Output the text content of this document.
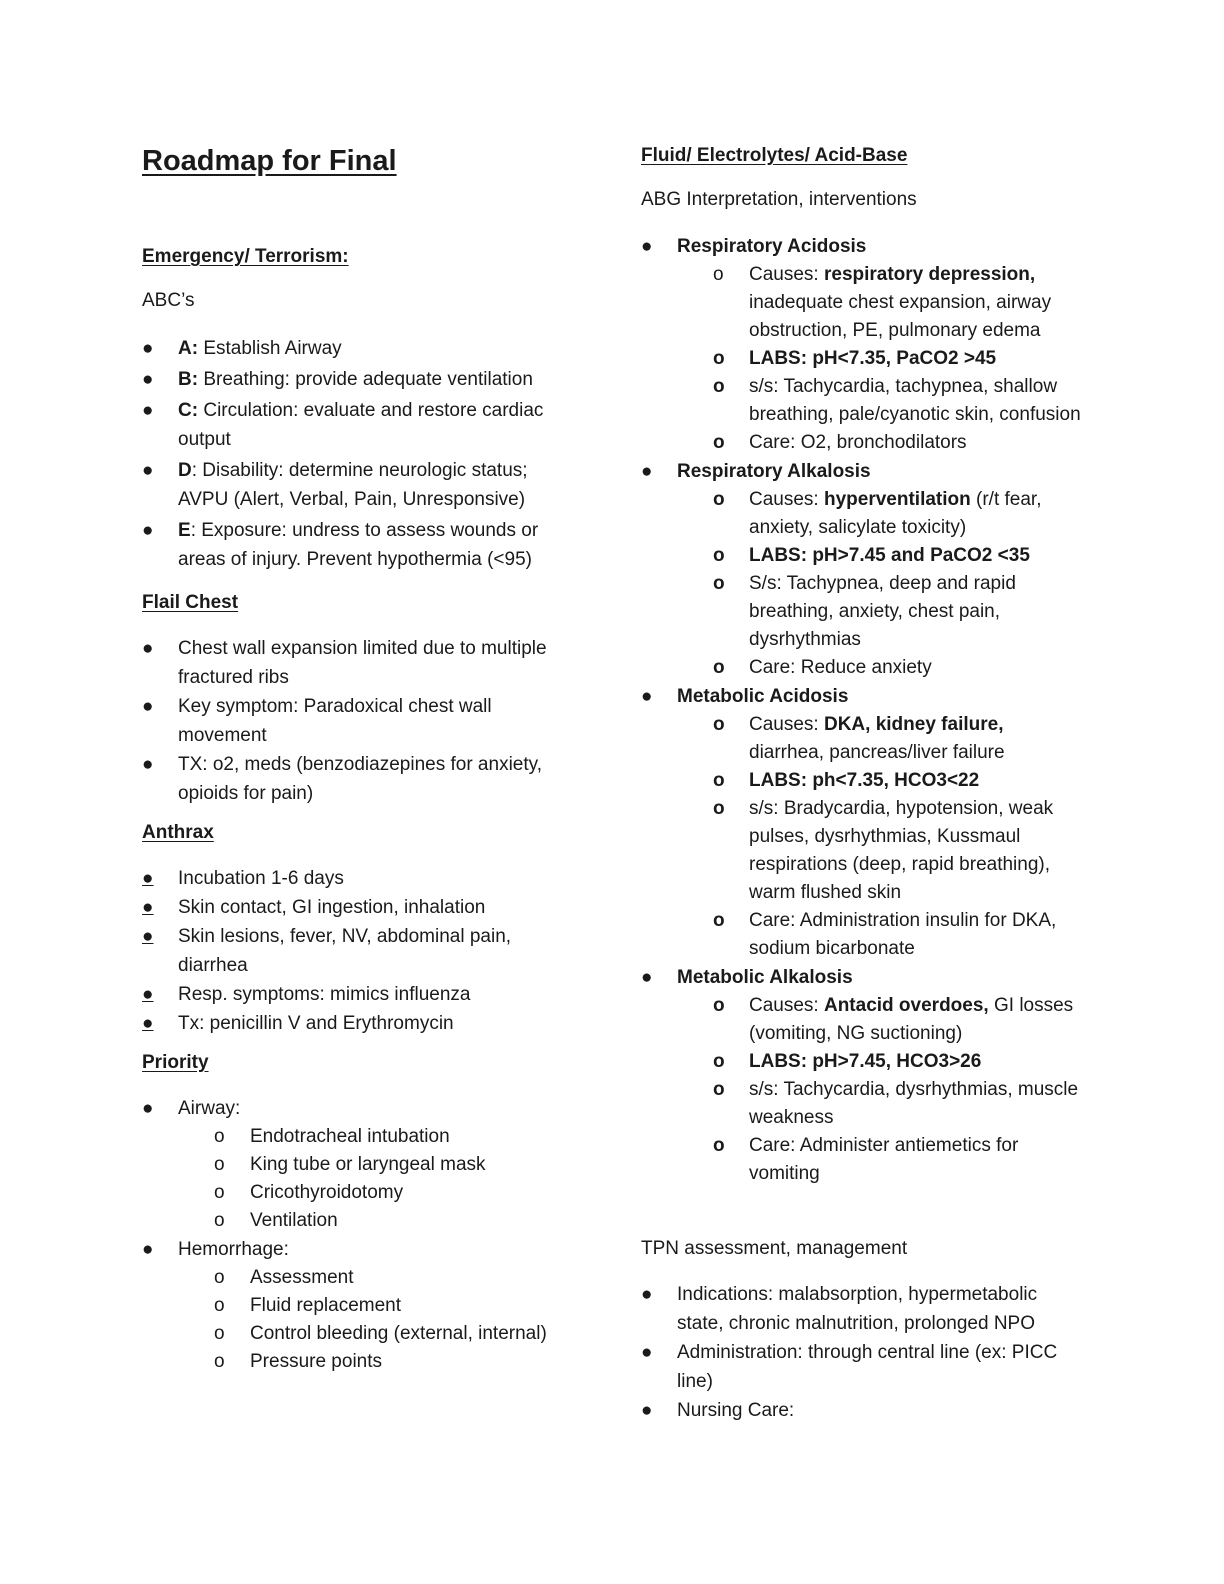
Roadmap for Final
Emergency/ Terrorism:
ABC’s
●	A: Establish Airway
●	B: Breathing: provide adequate ventilation
●	C: Circulation: evaluate and restore cardiac output
●	D: Disability: determine neurologic status; AVPU (Alert, Verbal, Pain, Unresponsive)
●	E: Exposure: undress to assess wounds or areas of injury. Prevent hypothermia (<95)
Flail Chest
●	Chest wall expansion limited due to multiple fractured ribs
●	Key symptom: Paradoxical chest wall movement
●	TX: o2, meds (benzodiazepines for anxiety, opioids for pain)
Anthrax
●	Incubation 1-6 days
●	Skin contact, GI ingestion, inhalation
●	Skin lesions, fever, NV, abdominal pain, diarrhea
●	Resp. symptoms: mimics influenza
●	Tx: penicillin V and Erythromycin
Priority
●	Airway:
o Endotracheal intubation
o King tube or laryngeal mask
o Cricothyroidotomy
o Ventilation
●	Hemorrhage:
o Assessment
o Fluid replacement
o Control bleeding (external, internal)
o Pressure points
Fluid/ Electrolytes/ Acid-Base
ABG Interpretation, interventions
●	Respiratory Acidosis
o Causes: respiratory depression, inadequate chest expansion, airway obstruction, PE, pulmonary edema
o LABS: pH<7.35, PaCO2 >45
o s/s: Tachycardia, tachypnea, shallow breathing, pale/cyanotic skin, confusion
o Care: O2, bronchodilators
●	Respiratory Alkalosis
o Causes: hyperventilation (r/t fear, anxiety, salicylate toxicity)
o LABS: pH>7.45 and PaCO2 <35
o S/s: Tachypnea, deep and rapid breathing, anxiety, chest pain, dysrhythmias
o Care: Reduce anxiety
●	Metabolic Acidosis
o Causes: DKA, kidney failure, diarrhea, pancreas/liver failure
o LABS: ph<7.35, HCO3<22
o s/s: Bradycardia, hypotension, weak pulses, dysrhythmias, Kussmaul respirations (deep, rapid breathing), warm flushed skin
o Care: Administration insulin for DKA, sodium bicarbonate
●	Metabolic Alkalosis
o Causes: Antacid overdoes, GI losses (vomiting, NG suctioning)
o LABS: pH>7.45, HCO3>26
o s/s: Tachycardia, dysrhythmias, muscle weakness
o Care: Administer antiemetics for vomiting
TPN assessment, management
●	Indications: malabsorption, hypermetabolic state, chronic malnutrition, prolonged NPO
●	Administration: through central line (ex: PICC line)
●	Nursing Care:
